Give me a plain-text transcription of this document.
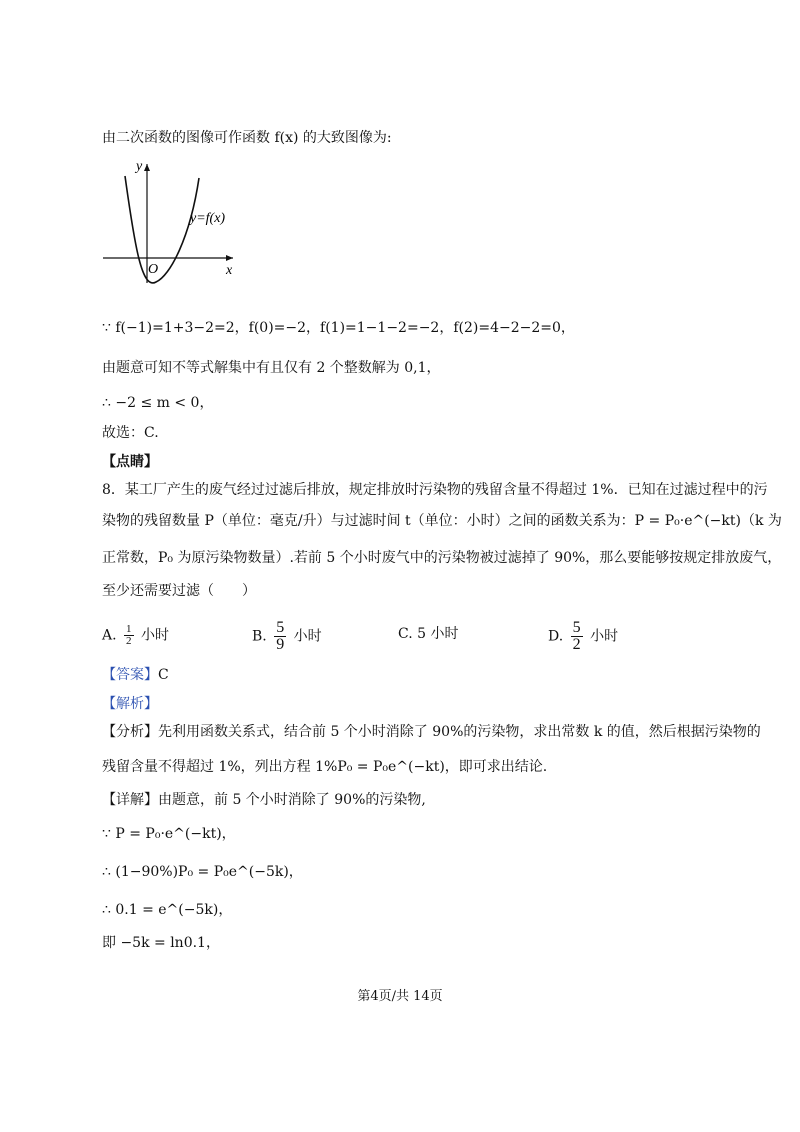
由二次函数的图像可作函数 f(x) 的大致图像为:
y
x
O
y=f(x)
∵ f(−1)=1+3−2=2，f(0)=−2，f(1)=1−1−2=−2，f(2)=4−2−2=0，
由题意可知不等式解集中有且仅有 2 个整数解为 0,1，
∴ −2 ≤ m < 0，
故选：C.
【点睛】
8．某工厂产生的废气经过过滤后排放，规定排放时污染物的残留含量不得超过 1%．已知在过滤过程中的污
染物的残留数量 P（单位：毫克/升）与过滤时间 t（单位：小时）之间的函数关系为：P = P₀·e^(−kt)（k 为
正常数，P₀ 为原污染物数量）.若前 5 个小时废气中的污染物被过滤掉了 90%，那么要能够按规定排放废气，
至少还需要过滤（　　）
A. $\frac{1}{2}$ 小时	B. $\frac{5}{9}$ 小时	C. 5 小时	D. $\frac{5}{2}$ 小时
【答案】C
【解析】
【分析】先利用函数关系式，结合前 5 个小时消除了 90%的污染物，求出常数 k 的值，然后根据污染物的
残留含量不得超过 1%，列出方程 1%P₀ = P₀e^(−kt)，即可求出结论.
【详解】由题意，前 5 个小时消除了 90%的污染物,
∵ P = P₀·e^(−kt)，
∴ (1−90%)P₀ = P₀e^(−5k)，
∴ 0.1 = e^(−5k)，
即 −5k = ln0.1，
第4页/共 14页
